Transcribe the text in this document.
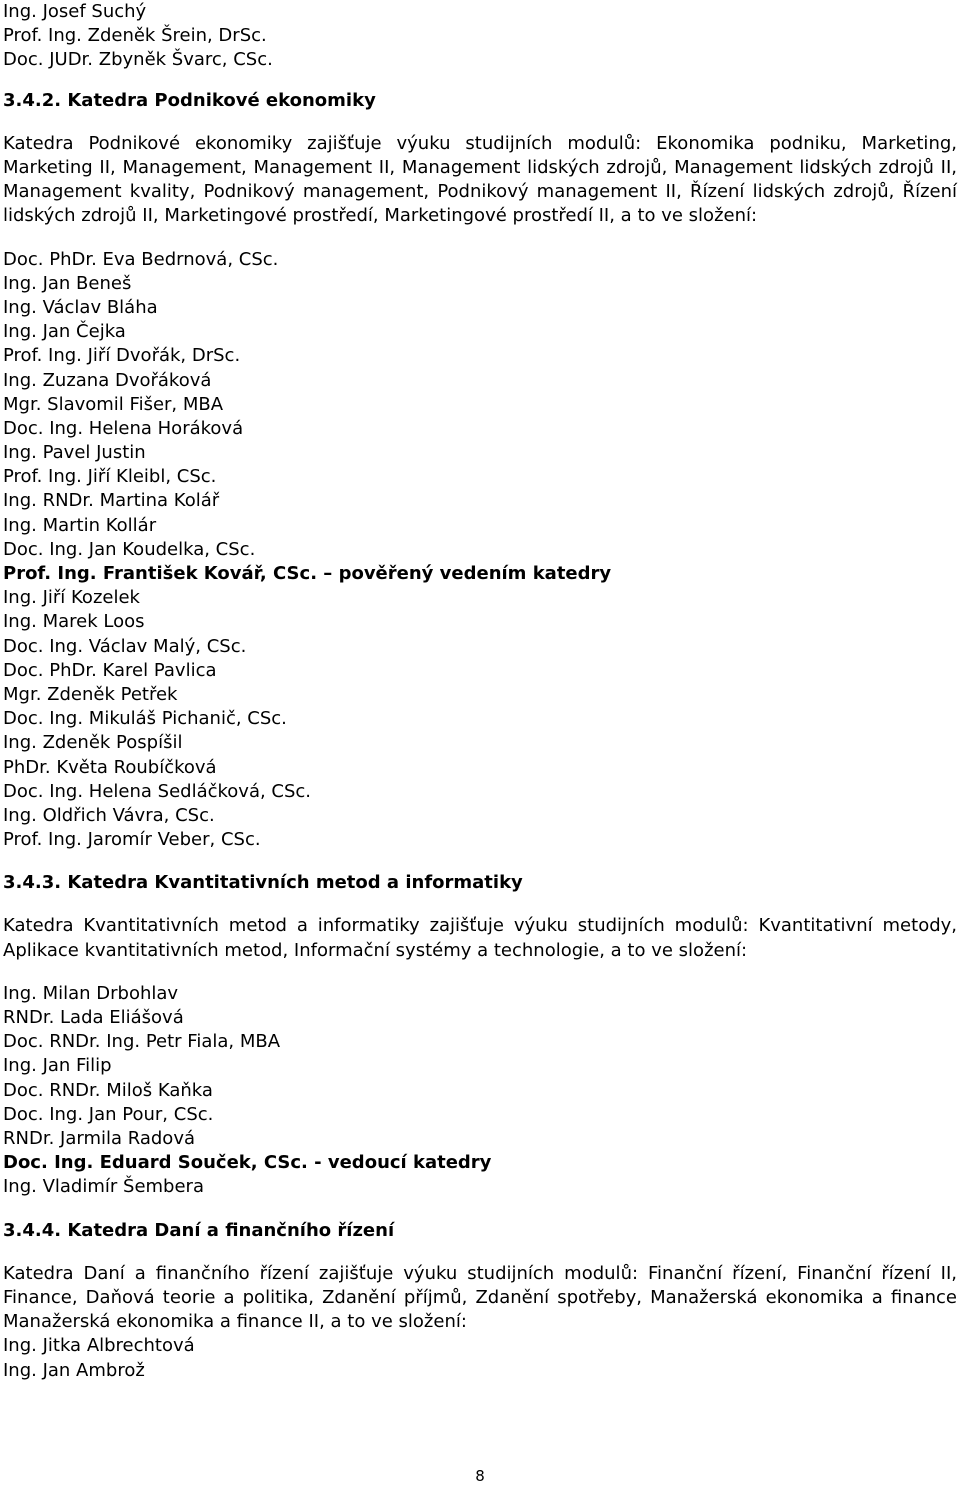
Ing. Josef Suchý
Prof. Ing. Zdeněk Šrein, DrSc.
Doc. JUDr. Zbyněk Švarc, CSc.
3.4.2. Katedra Podnikové ekonomiky
Katedra Podnikové ekonomiky zajišťuje výuku studijních modulů: Ekonomika podniku, Marketing, Marketing II, Management, Management II, Management lidských zdrojů, Management lidských zdrojů II, Management kvality, Podnikový management, Podnikový management II, Řízení lidských zdrojů, Řízení lidských zdrojů II, Marketingové prostředí, Marketingové prostředí II, a to ve složení:
Doc. PhDr. Eva Bedrnová, CSc.
Ing. Jan Beneš
Ing. Václav Bláha
Ing. Jan Čejka
Prof. Ing. Jiří Dvořák, DrSc.
Ing. Zuzana Dvořáková
Mgr. Slavomil Fišer, MBA
Doc. Ing. Helena Horáková
Ing. Pavel Justin
Prof. Ing. Jiří Kleibl, CSc.
Ing. RNDr. Martina Kolář
Ing. Martin Kollár
Doc. Ing. Jan Koudelka, CSc.
Prof. Ing. František Kovář, CSc. – pověřený vedením katedry
Ing. Jiří Kozelek
Ing. Marek Loos
Doc. Ing. Václav Malý, CSc.
Doc. PhDr. Karel Pavlica
Mgr. Zdeněk Petřek
Doc. Ing. Mikuláš Pichanič, CSc.
Ing. Zdeněk Pospíšil
PhDr. Květa Roubíčková
Doc. Ing. Helena Sedláčková, CSc.
Ing. Oldřich Vávra, CSc.
Prof. Ing. Jaromír Veber, CSc.
3.4.3. Katedra Kvantitativních metod a informatiky
Katedra Kvantitativních metod a informatiky zajišťuje výuku studijních modulů: Kvantitativní metody, Aplikace kvantitativních metod, Informační systémy a technologie, a to ve složení:
Ing. Milan Drbohlav
RNDr. Lada Eliášová
Doc. RNDr. Ing. Petr Fiala, MBA
Ing. Jan Filip
Doc. RNDr. Miloš Kaňka
Doc. Ing. Jan Pour, CSc.
RNDr. Jarmila Radová
Doc. Ing. Eduard Souček, CSc. - vedoucí katedry
Ing. Vladimír Šembera
3.4.4. Katedra Daní a finančního řízení
Katedra Daní a finančního řízení zajišťuje výuku studijních modulů: Finanční řízení, Finanční řízení II, Finance, Daňová teorie a politika, Zdanění příjmů, Zdanění spotřeby, Manažerská ekonomika a finance Manažerská ekonomika a finance II, a to ve složení:
Ing. Jitka Albrechtová
Ing. Jan Ambrož
8
